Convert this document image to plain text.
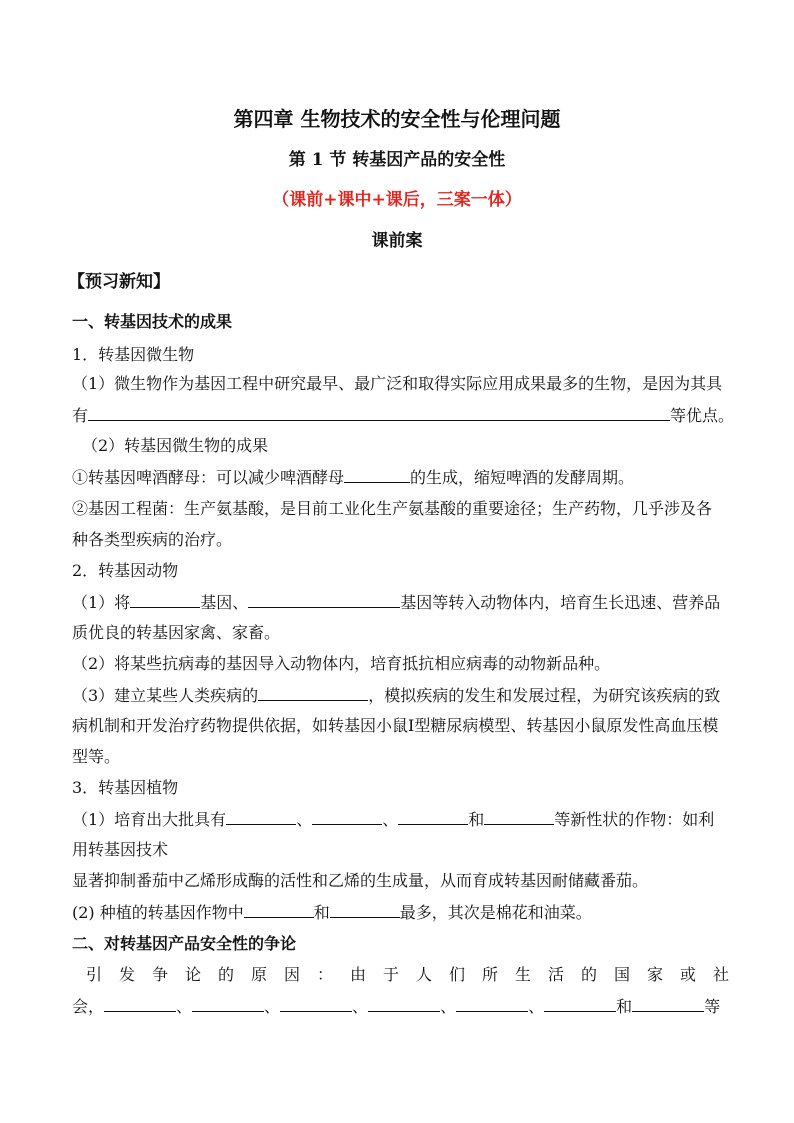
第四章 生物技术的安全性与伦理问题
第 1 节 转基因产品的安全性
（课前+课中+课后，三案一体）
课前案
【预习新知】
一、转基因技术的成果
1．转基因微生物
（1）微生物作为基因工程中研究最早、最广泛和取得实际应用成果最多的生物，是因为其具
有	等优点。
（2）转基因微生物的成果
①转基因啤酒酵母：可以减少啤酒酵母	的生成，缩短啤酒的发酵周期。
②基因工程菌：生产氨基酸，是目前工业化生产氨基酸的重要途径；生产药物，几乎涉及各
种各类型疾病的治疗。
2．转基因动物
（1）将	基因、	基因等转入动物体内，培育生长迅速、营养品
质优良的转基因家禽、家畜。
（2）将某些抗病毒的基因导入动物体内，培育抵抗相应病毒的动物新品种。
（3）建立某些人类疾病的	，模拟疾病的发生和发展过程，为研究该疾病的致
病机制和开发治疗药物提供依据，如转基因小鼠Ⅰ型糖尿病模型、转基因小鼠原发性高血压模
型等。
3．转基因植物
（1）培育出大批具有	、	、	和	等新性状的作物：如利
用转基因技术
显著抑制番茄中乙烯形成酶的活性和乙烯的生成量，从而育成转基因耐储藏番茄。
(2) 种植的转基因作物中	和	最多，其次是棉花和油菜。
二、对转基因产品安全性的争论
引发争论的原因：由于人们所生活的国家或社
会，	、	、	、	、	、	和	等
